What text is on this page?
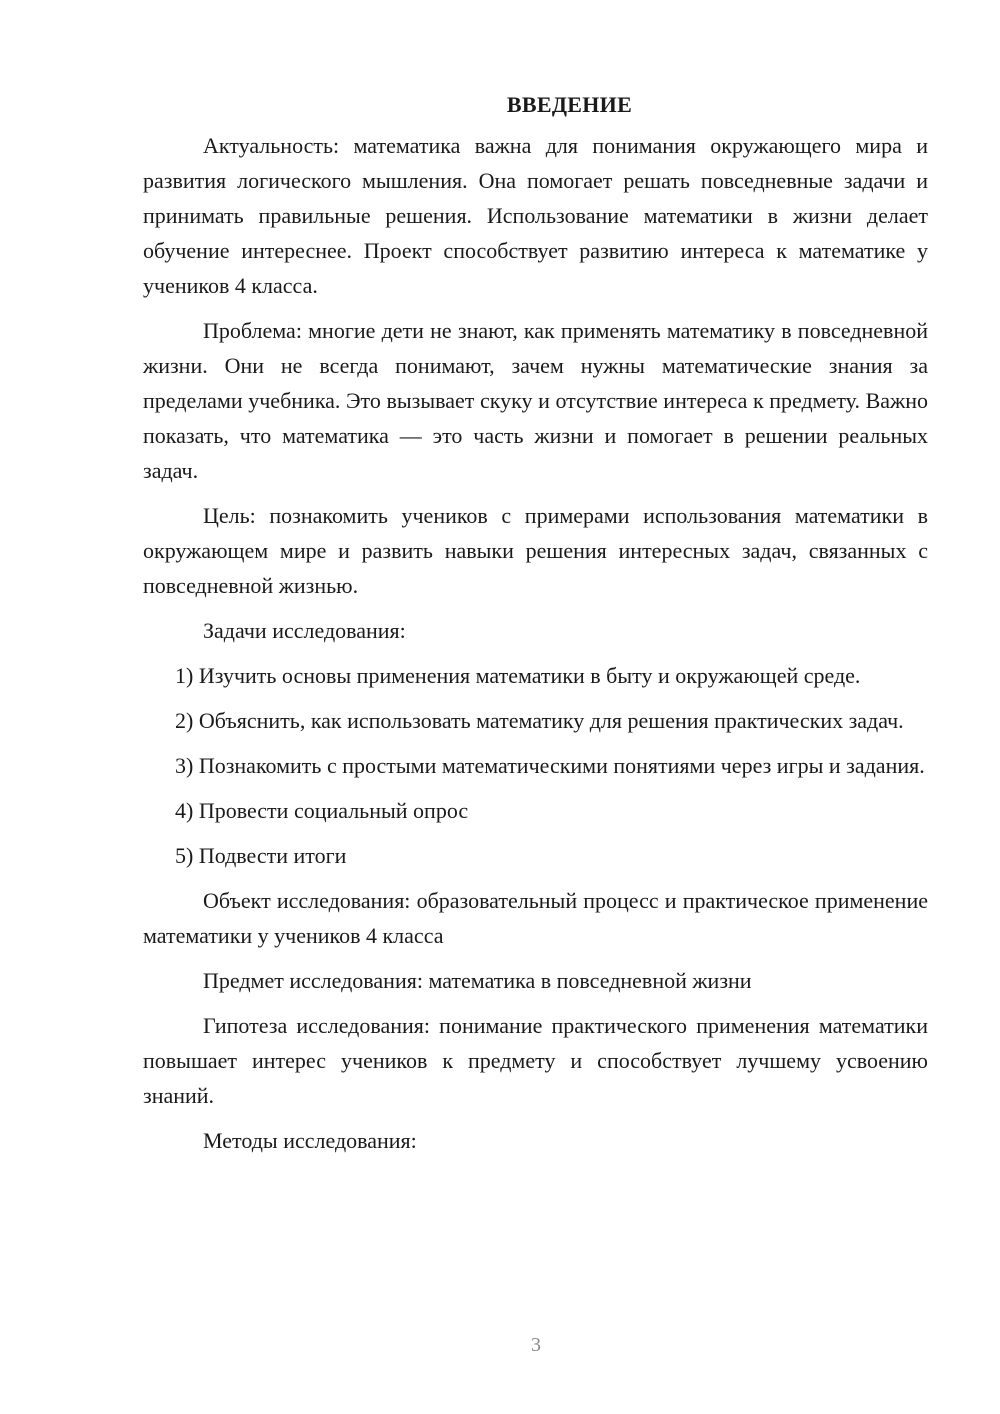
ВВЕДЕНИЕ

Актуальность: математика важна для понимания окружающего мира и развития логического мышления. Она помогает решать повседневные задачи и принимать правильные решения. Использование математики в жизни делает обучение интереснее. Проект способствует развитию интереса к математике у учеников 4 класса.

Проблема: многие дети не знают, как применять математику в повседневной жизни. Они не всегда понимают, зачем нужны математические знания за пределами учебника. Это вызывает скуку и отсутствие интереса к предмету. Важно показать, что математика — это часть жизни и помогает в решении реальных задач.

Цель: познакомить учеников с примерами использования математики в окружающем мире и развить навыки решения интересных задач, связанных с повседневной жизнью.

Задачи исследования:

1) Изучить основы применения математики в быту и окружающей среде.

2) Объяснить, как использовать математику для решения практических задач.

3) Познакомить с простыми математическими понятиями через игры и задания.

4) Провести социальный опрос

5) Подвести итоги

Объект исследования: образовательный процесс и практическое применение математики у учеников 4 класса

Предмет исследования: математика в повседневной жизни

Гипотеза исследования: понимание практического применения математики повышает интерес учеников к предмету и способствует лучшему усвоению знаний.

Методы исследования:

3
